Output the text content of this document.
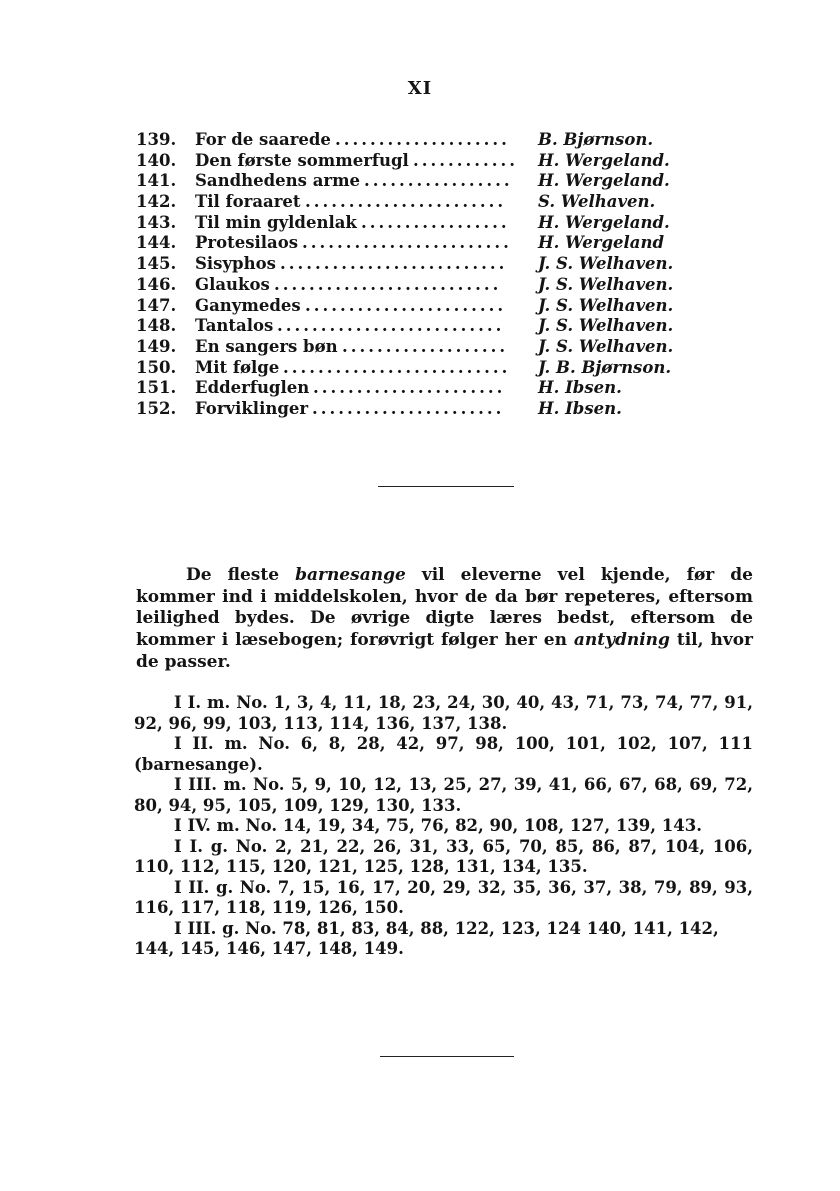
XI
139. For de saarede ....................	B. Bjørnson.
140. Den første sommerfugl ............	H. Wergeland.
141. Sandhedens arme .................	H. Wergeland.
142. Til foraaret .......................	S. Welhaven.
143. Til min gyldenlak .................	H. Wergeland.
144. Protesilaos ........................	H. Wergeland
145. Sisyphos ..........................	J. S. Welhaven.
146. Glaukos ..........................	J. S. Welhaven.
147. Ganymedes .......................	J. S. Welhaven.
148. Tantalos ..........................	J. S. Welhaven.
149. En sangers bøn ...................	J. S. Welhaven.
150. Mit følge ..........................	J. B. Bjørnson.
151. Edderfuglen ......................	H. Ibsen.
152. Forviklinger ......................	H. Ibsen.

De fleste barnesange vil eleverne vel kjende, før de kommer ind i middelskolen, hvor de da bør repeteres, eftersom leilighed bydes. De øvrige digte læres bedst, eftersom de kommer i læsebogen; forøvrigt følger her en antydning til, hvor de passer.

I I. m. No. 1, 3, 4, 11, 18, 23, 24, 30, 40, 43, 71, 73, 74, 77, 91, 92, 96, 99, 103, 113, 114, 136, 137, 138.

I II. m. No. 6, 8, 28, 42, 97, 98, 100, 101, 102, 107, 111 (barnesange).

I III. m. No. 5, 9, 10, 12, 13, 25, 27, 39, 41, 66, 67, 68, 69, 72, 80, 94, 95, 105, 109, 129, 130, 133.

I IV. m. No. 14, 19, 34, 75, 76, 82, 90, 108, 127, 139, 143.

I I. g. No. 2, 21, 22, 26, 31, 33, 65, 70, 85, 86, 87, 104, 106, 110, 112, 115, 120, 121, 125, 128, 131, 134, 135.

I II. g. No. 7, 15, 16, 17, 20, 29, 32, 35, 36, 37, 38, 79, 89, 93, 116, 117, 118, 119, 126, 150.

I III. g. No. 78, 81, 83, 84, 88, 122, 123, 124 140, 141, 142, 144, 145, 146, 147, 148, 149.
